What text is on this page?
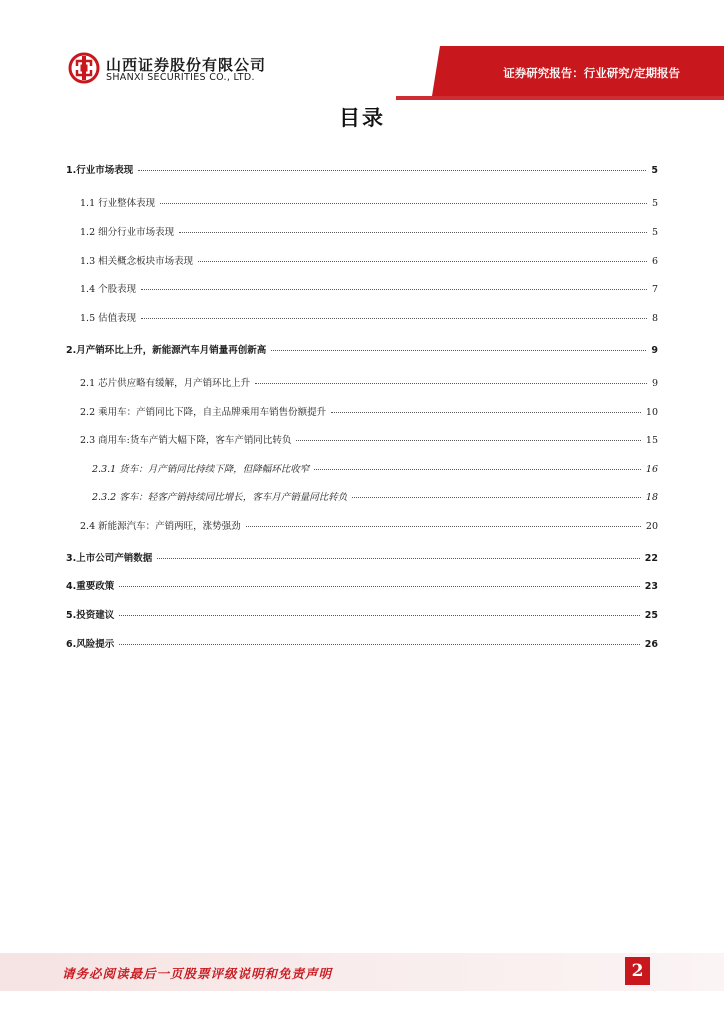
山西证券股份有限公司
SHANXI SECURITIES CO., LTD.	证券研究报告：行业研究/定期报告
目录
1.行业市场表现	5
1.1 行业整体表现	5
1.2 细分行业市场表现	5
1.3 相关概念板块市场表现	6
1.4 个股表现	7
1.5 估值表现	8
2.月产销环比上升，新能源汽车月销量再创新高	9
2.1 芯片供应略有缓解，月产销环比上升	9
2.2 乘用车：产销同比下降，自主品牌乘用车销售份额提升	10
2.3 商用车:货车产销大幅下降，客车产销同比转负	15
2.3.1 货车：月产销同比持续下降，但降幅环比收窄	16
2.3.2 客车：轻客产销持续同比增长，客车月产销量同比转负	18
2.4 新能源汽车：产销两旺，涨势强劲	20
3.上市公司产销数据	22
4.重要政策	23
5.投资建议	25
6.风险提示	26
请务必阅读最后一页股票评级说明和免责声明	2
